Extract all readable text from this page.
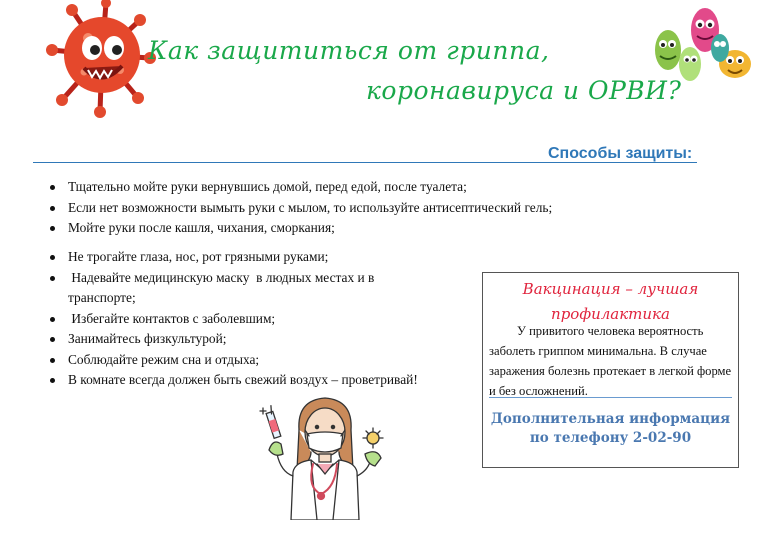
Как защититься от гриппа,
коронавируса и ОРВИ?
Способы защиты:
Тщательно мойте руки вернувшись домой, перед едой, после туалета;
Если нет возможности вымыть руки с мылом, то используйте антисептический гель;
Мойте руки после кашля, чихания, сморкания;
Не трогайте глаза, нос, рот грязными руками;
Надевайте медицинскую маску  в людных местах и в транспорте;
Избегайте контактов с заболевшим;
Занимайтесь физкультурой;
Соблюдайте режим сна и отдыха;
В комнате всегда должен быть свежий воздух – проветривай!
Вакцинация – лучшая профилактика
У привитого человека вероятность заболеть гриппом минимальна. В случае заражения болезнь протекает в легкой форме и без осложнений.
Дополнительная информация по телефону 2-02-90
